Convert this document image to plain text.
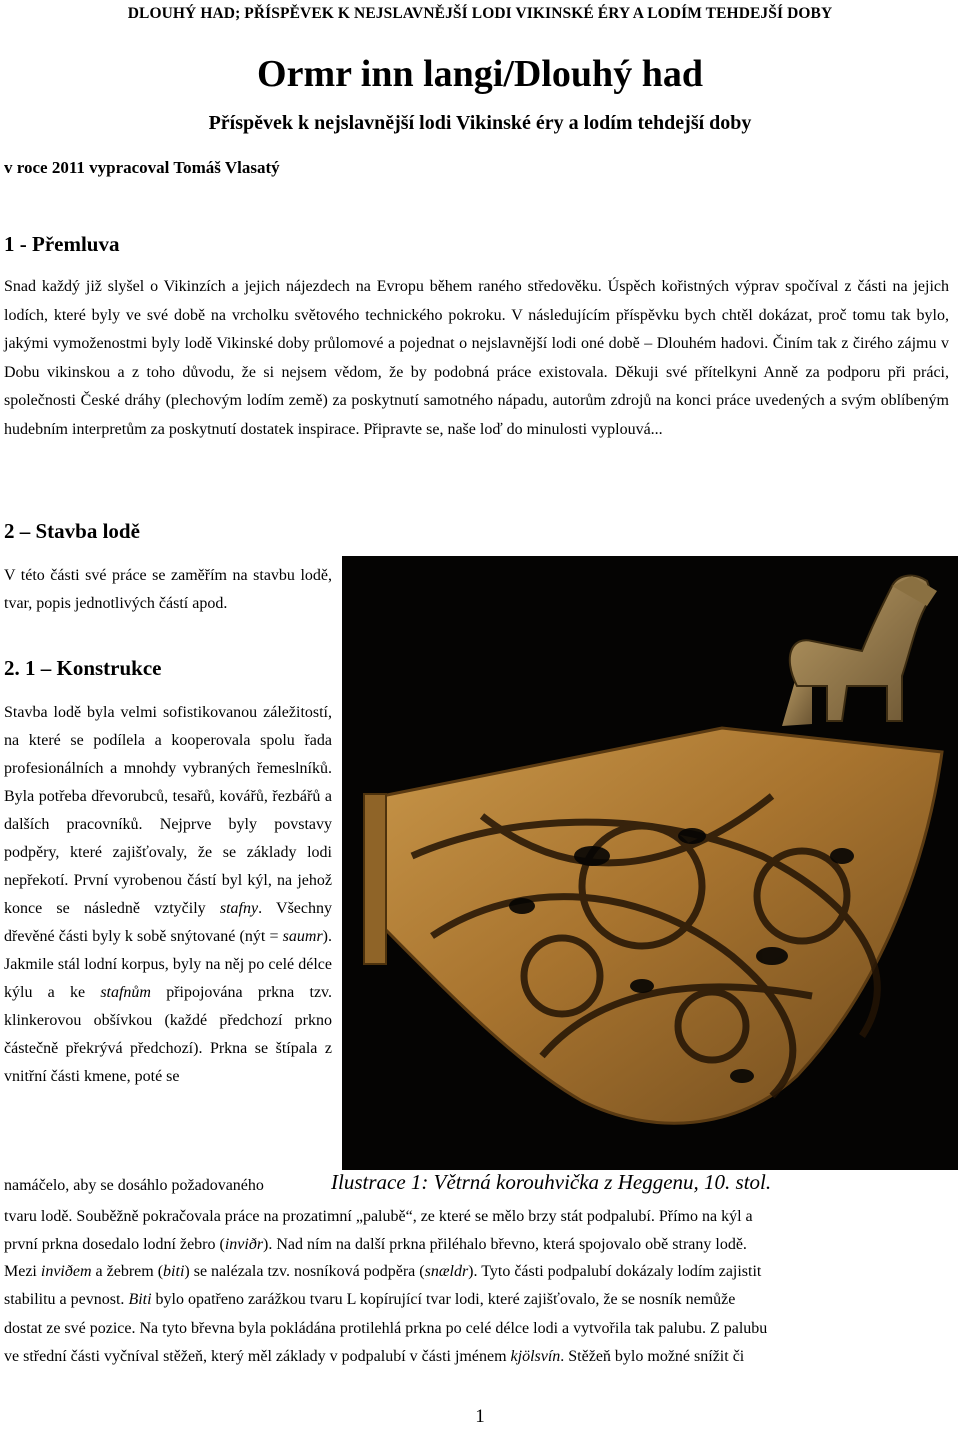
DLOUHÝ HAD; PŘÍSPĚVEK K NEJSLAVNĚJŠÍ LODI VIKINSKÉ ÉRY A LODÍM TEHDEJŠÍ DOBY
Ormr inn langi/Dlouhý had
Příspěvek k nejslavnější lodi Vikinské éry a lodím tehdejší doby
v roce 2011 vypracoval Tomáš Vlasatý
1 - Přemluva
Snad každý již slyšel o Vikinzích a jejich nájezdech na Evropu během raného středověku. Úspěch kořistných výprav spočíval z části na jejich lodích, které byly ve své době na vrcholku světového technického pokroku. V následujícím příspěvku bych chtěl dokázat, proč tomu tak bylo, jakými vymoženostmi byly lodě Vikinské doby průlomové a pojednat o nejslavnější lodi oné době – Dlouhém hadovi. Činím tak z čirého zájmu v Dobu vikinskou a z toho důvodu, že si nejsem vědom, že by podobná práce existovala. Děkuji své přítelkyni Anně za podporu při práci, společnosti České dráhy (plechovým lodím země) za poskytnutí samotného nápadu, autorům zdrojů na konci práce uvedených a svým oblíbeným hudebním interpretům za poskytnutí dostatek inspirace. Připravte se, naše loď do minulosti vyplouvá...
2 – Stavba lodě
V této části své práce se zaměřím na stavbu lodě, tvar, popis jednotlivých částí apod.
2. 1 – Konstrukce
Stavba lodě byla velmi sofistikovanou záležitostí, na které se podílela a kooperovala spolu řada profesionálních a mnohdy vybraných řemeslníků. Byla potřeba dřevorubců, tesařů, kovářů, řezbářů a dalších pracovníků. Nejprve byly povstavy podpěry, které zajišťovaly, že se základy lodi nepřekotí. První vyrobenou částí byl kýl, na jehož konce se následně vztyčily stafny. Všechny dřevěné části byly k sobě snýtované (nýt = saumr). Jakmile stál lodní korpus, byly na něj po celé délce kýlu a ke stafnům připojována prkna tzv. klinkerovou obšívkou (každé předchozí prkno částečně překrývá předchozí). Prkna se štípala z vnitřní části kmene, poté se
namáčelo, aby se dosáhlo požadovaného	Ilustrace 1: Větrná korouhvička z Heggenu, 10. stol.
tvaru lodě. Souběžně pokračovala práce na prozatimní „palubě“, ze které se mělo brzy stát podpalubí. Přímo na kýl a
první prkna dosedalo lodní žebro (inviðr). Nad ním na další prkna přiléhalo břevno, která spojovalo obě strany lodě.
Mezi inviðem a žebrem (biti) se nalézala tzv. nosníková podpěra (snældr). Tyto části podpalubí dokázaly lodím zajistit
stabilitu a pevnost. Biti bylo opatřeno zarážkou tvaru L kopírující tvar lodi, které zajišťovalo, že se nosník nemůže
dostat ze své pozice. Na tyto břevna byla pokládána protilehlá prkna po celé délce lodi a vytvořila tak palubu. Z palubu
ve střední části vyčníval stěžeň, který měl základy v podpalubí v části jménem kjölsvín. Stěžeň bylo možné snížit či
1
